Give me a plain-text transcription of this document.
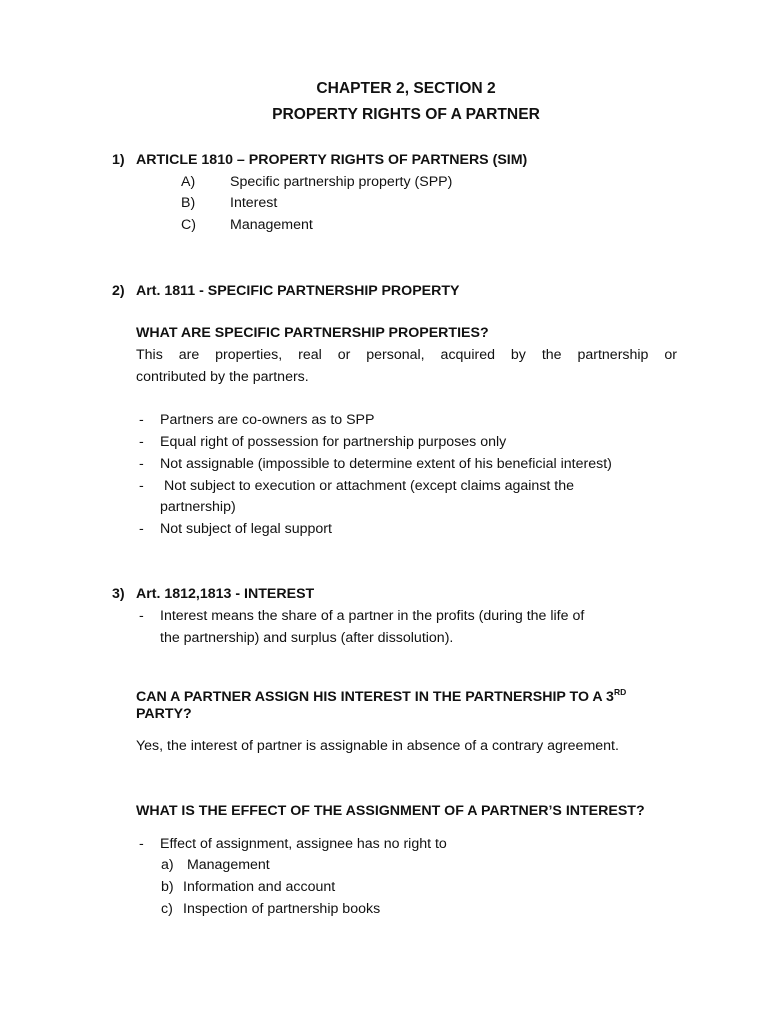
CHAPTER 2, SECTION 2
PROPERTY RIGHTS OF A PARTNER
1) ARTICLE 1810 – PROPERTY RIGHTS OF PARTNERS (SIM)
A) Specific partnership property (SPP)
B) Interest
C) Management
2) Art. 1811 - SPECIFIC PARTNERSHIP PROPERTY
WHAT ARE SPECIFIC PARTNERSHIP PROPERTIES?
This are properties, real or personal, acquired by the partnership or
contributed by the partners.
- Partners are co-owners as to SPP
- Equal right of possession for partnership purposes only
- Not assignable (impossible to determine extent of his beneficial interest)
- Not subject to execution or attachment (except claims against the
partnership)
- Not subject of legal support
3) Art. 1812,1813 - INTEREST
- Interest means the share of a partner in the profits (during the life of
the partnership) and surplus (after dissolution).
CAN A PARTNER ASSIGN HIS INTEREST IN THE PARTNERSHIP TO A 3RD
PARTY?
Yes, the interest of partner is assignable in absence of a contrary agreement.
WHAT IS THE EFFECT OF THE ASSIGNMENT OF A PARTNER’S INTEREST?
- Effect of assignment, assignee has no right to
a) Management
b) Information and account
c) Inspection of partnership books
